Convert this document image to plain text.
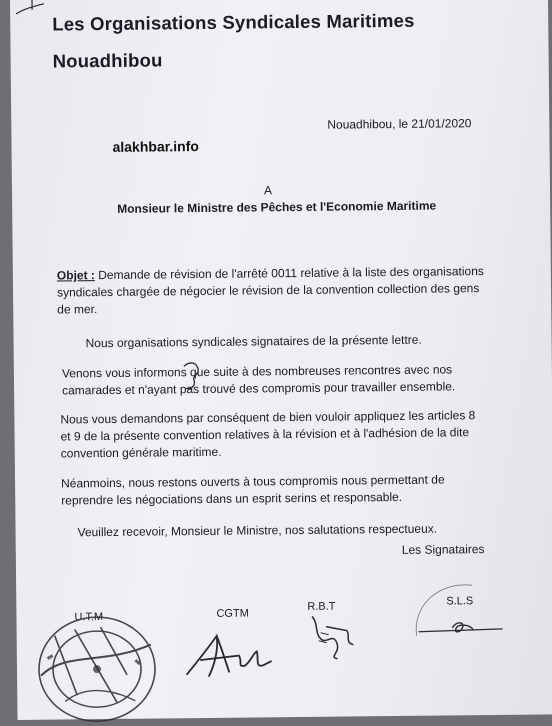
Les Organisations Syndicales Maritimes
Nouadhibou
Nouadhibou, le 21/01/2020
alakhbar.info
A
Monsieur le Ministre des Pêches et l'Economie Maritime
Objet : Demande de révision de l'arrêté 0011 relative à la liste des organisations
syndicales chargée de négocier le révision de la convention collection des gens
de mer.
Nous organisations syndicales signataires de la présente lettre.
Venons vous informons que suite à des nombreuses rencontres avec nos
camarades et n'ayant pas trouvé des compromis pour travailler ensemble.
Nous vous demandons par conséquent de bien vouloir appliquez les articles 8
et 9 de la présente convention relatives à la révision et à l'adhésion de la dite
convention générale maritime.
Néanmoins, nous restons ouverts à tous compromis nous permettant de
reprendre les négociations dans un esprit serins et responsable.
Veuillez recevoir, Monsieur le Ministre, nos salutations respectueux.
Les Signataires
U.T.M	CGTM
R.B.T	S.L.S
